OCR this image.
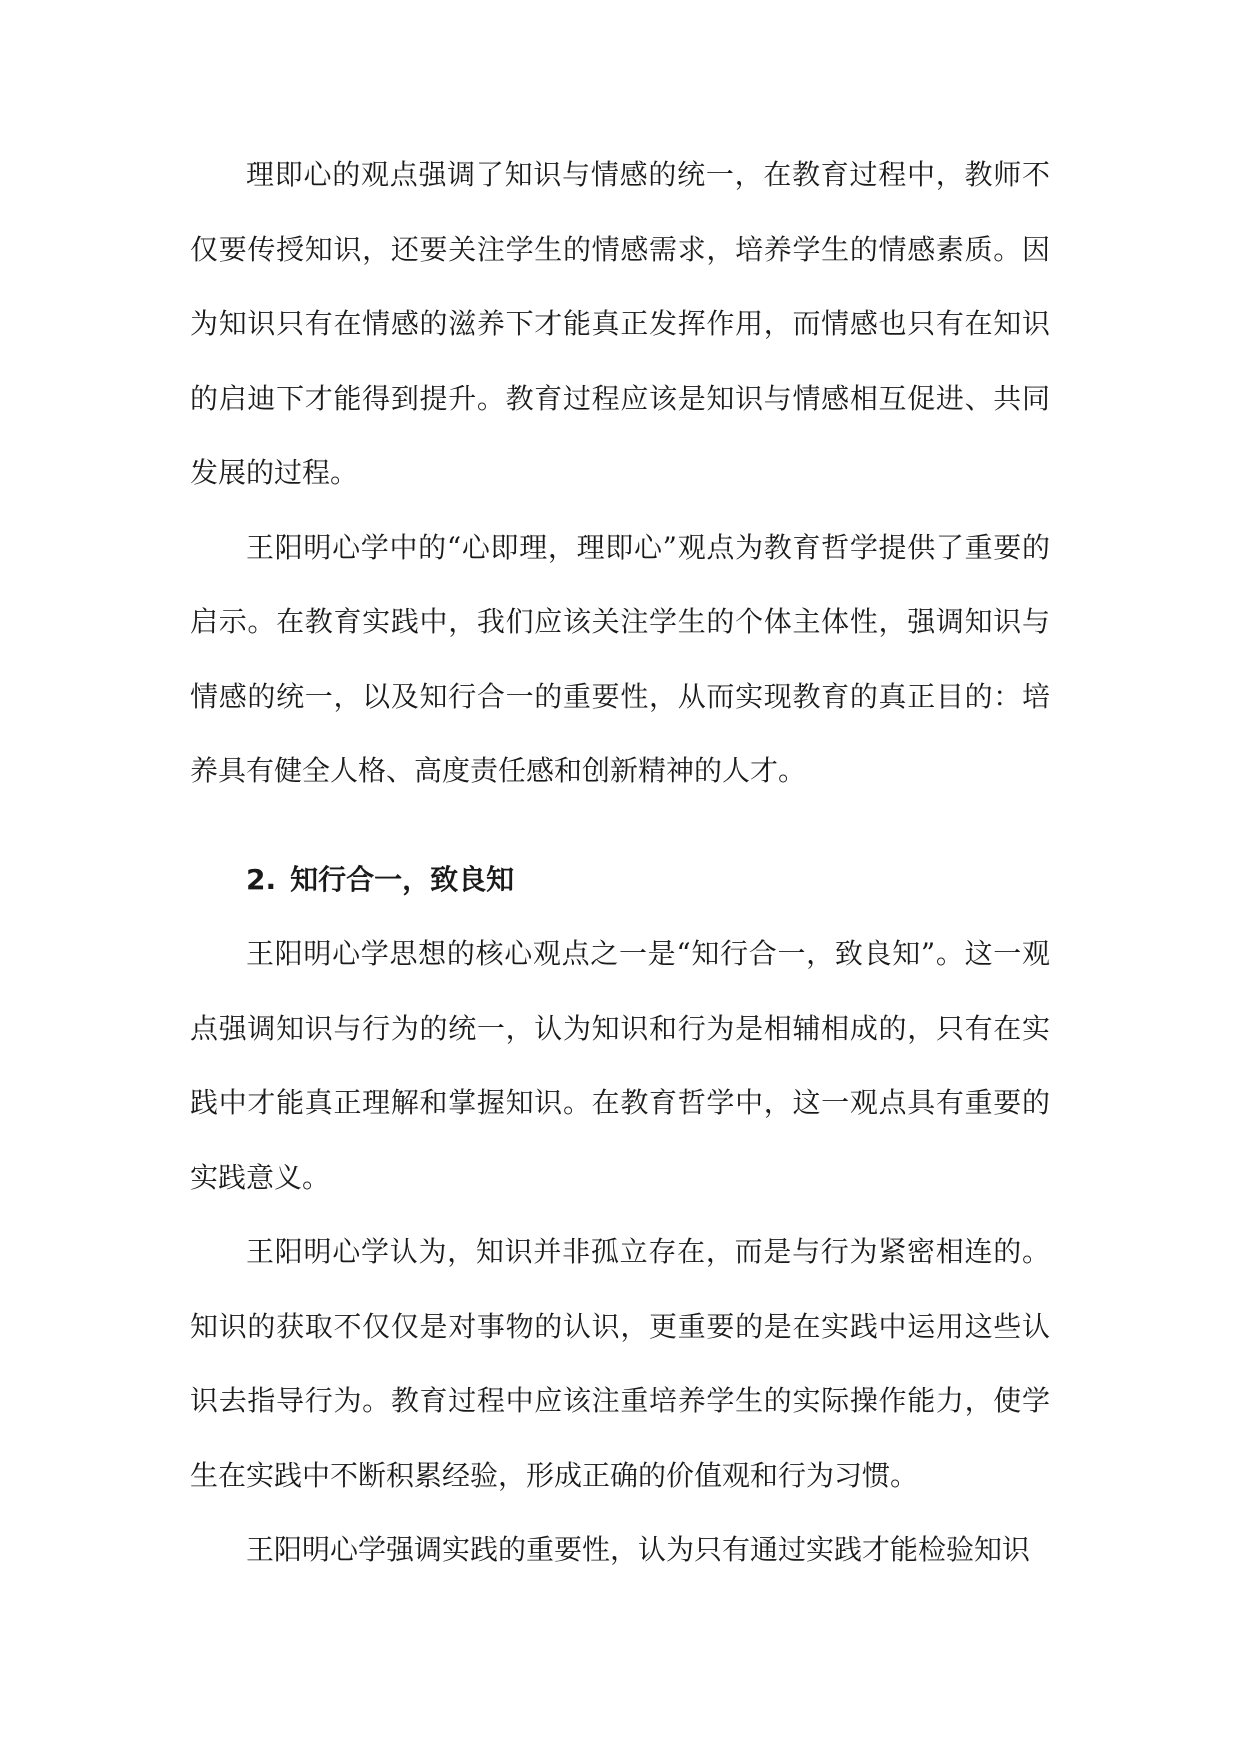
理即心的观点强调了知识与情感的统一，在教育过程中，教师不仅要传授知识，还要关注学生的情感需求，培养学生的情感素质。因为知识只有在情感的滋养下才能真正发挥作用，而情感也只有在知识的启迪下才能得到提升。教育过程应该是知识与情感相互促进、共同发展的过程。

王阳明心学中的“心即理，理即心”观点为教育哲学提供了重要的启示。在教育实践中，我们应该关注学生的个体主体性，强调知识与情感的统一，以及知行合一的重要性，从而实现教育的真正目的：培养具有健全人格、高度责任感和创新精神的人才。

2. 知行合一，致良知

王阳明心学思想的核心观点之一是“知行合一，致良知”。这一观点强调知识与行为的统一，认为知识和行为是相辅相成的，只有在实践中才能真正理解和掌握知识。在教育哲学中，这一观点具有重要的实践意义。

王阳明心学认为，知识并非孤立存在，而是与行为紧密相连的。知识的获取不仅仅是对事物的认识，更重要的是在实践中运用这些认识去指导行为。教育过程中应该注重培养学生的实际操作能力，使学生在实践中不断积累经验，形成正确的价值观和行为习惯。

王阳明心学强调实践的重要性，认为只有通过实践才能检验知识
